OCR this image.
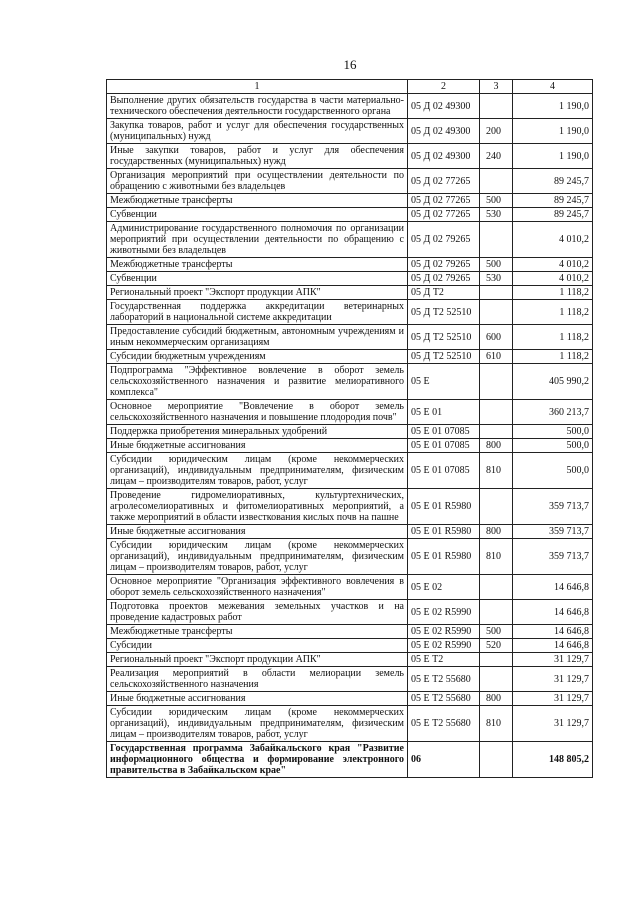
16
1	2	3	4
Выполнение других обязательств государства в части материально-технического обеспечения деятельности государственного органа	05 Д 02 49300		1 190,0
Закупка товаров, работ и услуг для обеспечения государственных (муниципальных) нужд	05 Д 02 49300	200	1 190,0
Иные закупки товаров, работ и услуг для обеспечения государственных (муниципальных) нужд	05 Д 02 49300	240	1 190,0
Организация мероприятий при осуществлении деятельности по обращению с животными без владельцев	05 Д 02 77265		89 245,7
Межбюджетные трансферты	05 Д 02 77265	500	89 245,7
Субвенции	05 Д 02 77265	530	89 245,7
Администрирование государственного полномочия по организации мероприятий при осуществлении деятельности по обращению с животными без владельцев	05 Д 02 79265		4 010,2
Межбюджетные трансферты	05 Д 02 79265	500	4 010,2
Субвенции	05 Д 02 79265	530	4 010,2
Региональный проект "Экспорт продукции АПК"	05 Д Т2		1 118,2
Государственная поддержка аккредитации ветеринарных лабораторий в национальной системе аккредитации	05 Д Т2 52510		1 118,2
Предоставление субсидий бюджетным, автономным учреждениям и иным некоммерческим организациям	05 Д Т2 52510	600	1 118,2
Субсидии бюджетным учреждениям	05 Д Т2 52510	610	1 118,2
Подпрограмма "Эффективное вовлечение в оборот земель сельскохозяйственного назначения и развитие мелиоративного комплекса"	05 Е		405 990,2
Основное мероприятие "Вовлечение в оборот земель сельскохозяйственного назначения и повышение плодородия почв"	05 Е 01		360 213,7
Поддержка приобретения минеральных удобрений	05 Е 01 07085		500,0
Иные бюджетные ассигнования	05 Е 01 07085	800	500,0
Субсидии юридическим лицам (кроме некоммерческих организаций), индивидуальным предпринимателям, физическим лицам – производителям товаров, работ, услуг	05 Е 01 07085	810	500,0
Проведение гидромелиоративных, культуртехнических, агролесомелиоративных и фитомелиоративных мероприятий, а также мероприятий в области известкования кислых почв на пашне	05 Е 01 R5980		359 713,7
Иные бюджетные ассигнования	05 Е 01 R5980	800	359 713,7
Субсидии юридическим лицам (кроме некоммерческих организаций), индивидуальным предпринимателям, физическим лицам – производителям товаров, работ, услуг	05 Е 01 R5980	810	359 713,7
Основное мероприятие "Организация эффективного вовлечения в оборот земель сельскохозяйственного назначения"	05 Е 02		14 646,8
Подготовка проектов межевания земельных участков и на проведение кадастровых работ	05 Е 02 R5990		14 646,8
Межбюджетные трансферты	05 Е 02 R5990	500	14 646,8
Субсидии	05 Е 02 R5990	520	14 646,8
Региональный проект "Экспорт продукции АПК"	05 Е Т2		31 129,7
Реализация мероприятий в области мелиорации земель сельскохозяйственного назначения	05 Е Т2 55680		31 129,7
Иные бюджетные ассигнования	05 Е Т2 55680	800	31 129,7
Субсидии юридическим лицам (кроме некоммерческих организаций), индивидуальным предпринимателям, физическим лицам – производителям товаров, работ, услуг	05 Е Т2 55680	810	31 129,7
Государственная программа Забайкальского края "Развитие информационного общества и формирование электронного правительства в Забайкальском крае"	06		148 805,2
